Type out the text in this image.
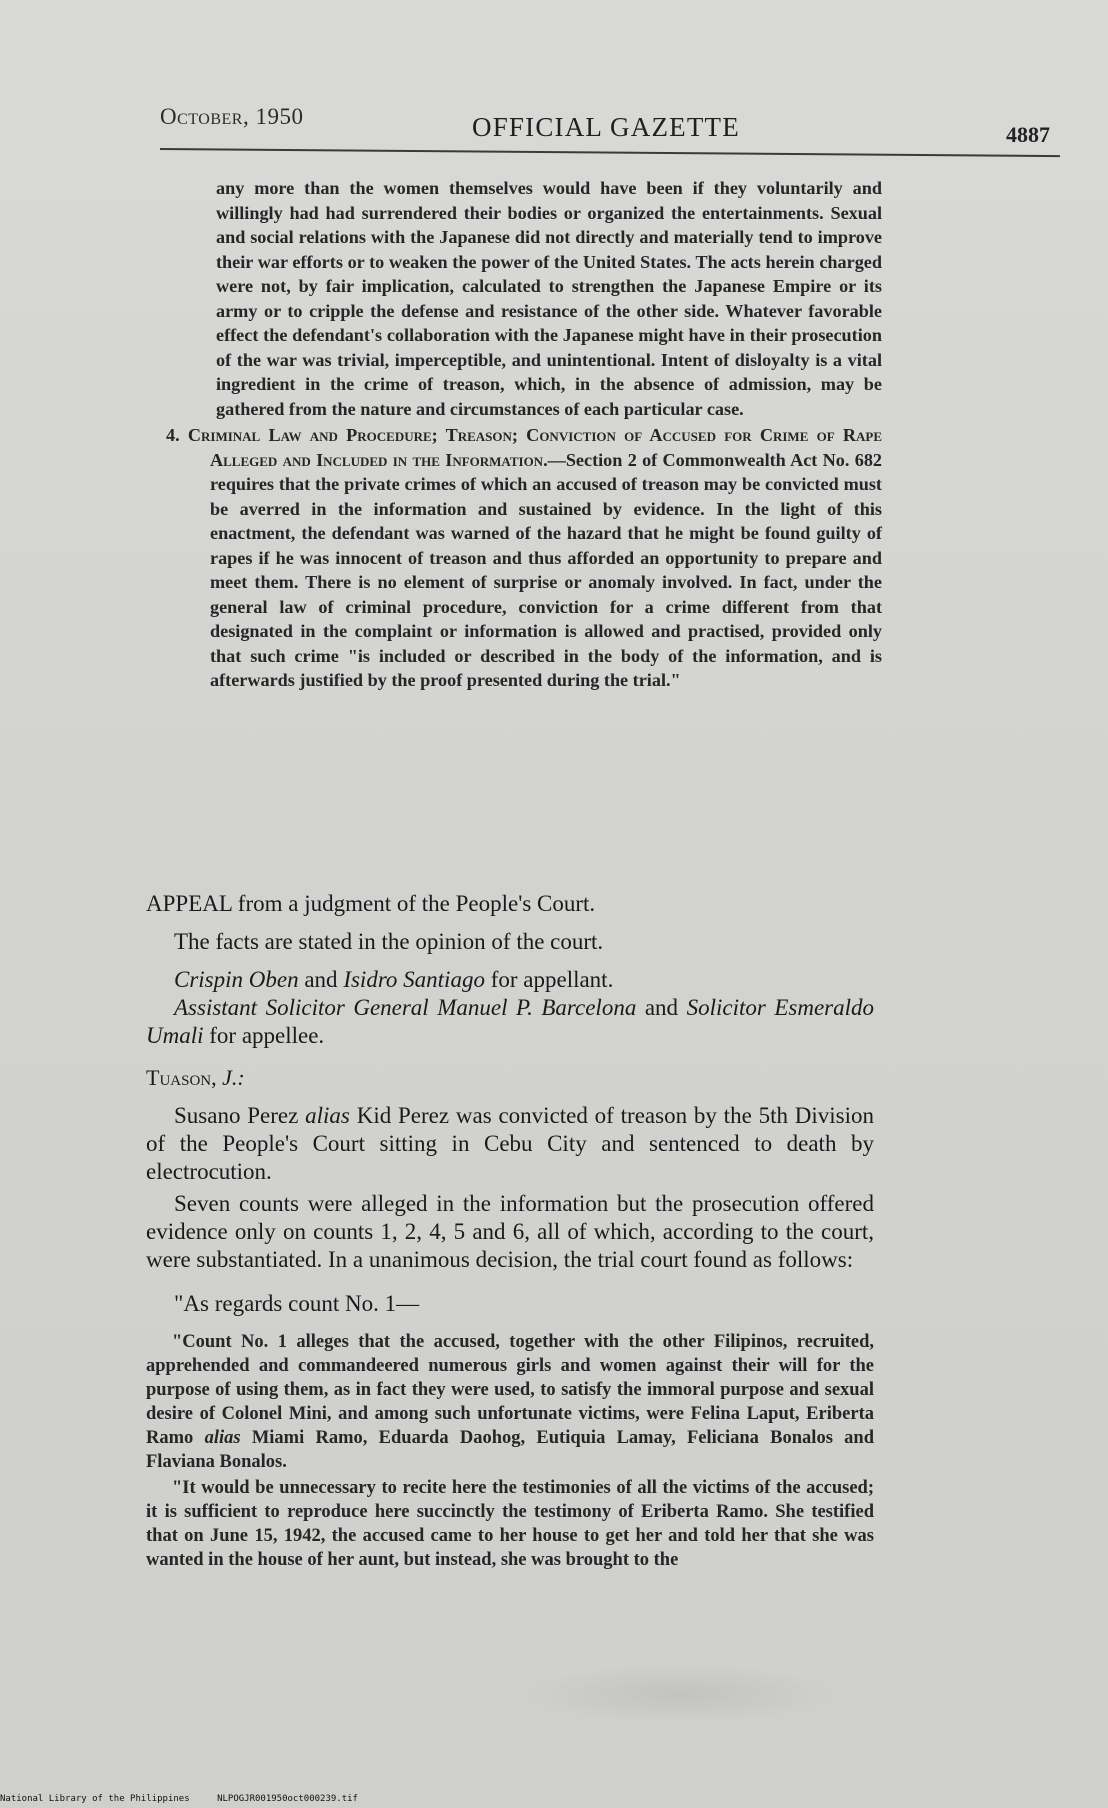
October, 1950	OFFICIAL GAZETTE	4887

any more than the women themselves would have been if they voluntarily and willingly had had surrendered their bodies or organized the entertainments. Sexual and social relations with the Japanese did not directly and materially tend to improve their war efforts or to weaken the power of the United States. The acts herein charged were not, by fair implication, calculated to strengthen the Japanese Empire or its army or to cripple the defense and resistance of the other side. Whatever favorable effect the defendant's collaboration with the Japanese might have in their prosecution of the war was trivial, imperceptible, and unintentional. Intent of disloyalty is a vital ingredient in the crime of treason, which, in the absence of admission, may be gathered from the nature and circumstances of each particular case.

4. Criminal Law and Procedure; Treason; Conviction of Accused for Crime of Rape Alleged and Included in the Information.—Section 2 of Commonwealth Act No. 682 requires that the private crimes of which an accused of treason may be convicted must be averred in the information and sustained by evidence. In the light of this enactment, the defendant was warned of the hazard that he might be found guilty of rapes if he was innocent of treason and thus afforded an opportunity to prepare and meet them. There is no element of surprise or anomaly involved. In fact, under the general law of criminal procedure, conviction for a crime different from that designated in the complaint or information is allowed and practised, provided only that such crime "is included or described in the body of the information, and is afterwards justified by the proof presented during the trial."

APPEAL from a judgment of the People's Court.

The facts are stated in the opinion of the court.

Crispin Oben and Isidro Santiago for appellant.

Assistant Solicitor General Manuel P. Barcelona and Solicitor Esmeraldo Umali for appellee.

Tuason, J.:

Susano Perez alias Kid Perez was convicted of treason by the 5th Division of the People's Court sitting in Cebu City and sentenced to death by electrocution.

Seven counts were alleged in the information but the prosecution offered evidence only on counts 1, 2, 4, 5 and 6, all of which, according to the court, were substantiated. In a unanimous decision, the trial court found as follows:

"As regards count No. 1—

"Count No. 1 alleges that the accused, together with the other Filipinos, recruited, apprehended and commandeered numerous girls and women against their will for the purpose of using them, as in fact they were used, to satisfy the immoral purpose and sexual desire of Colonel Mini, and among such unfortunate victims, were Felina Laput, Eriberta Ramo alias Miami Ramo, Eduarda Daohog, Eutiquia Lamay, Feliciana Bonalos and Flaviana Bonalos.

"It would be unnecessary to recite here the testimonies of all the victims of the accused; it is sufficient to reproduce here succinctly the testimony of Eriberta Ramo. She testified that on June 15, 1942, the accused came to her house to get her and told her that she was wanted in the house of her aunt, but instead, she was brought to the

National Library of the Philippines	NLPOGJR001950oct000239.tif
